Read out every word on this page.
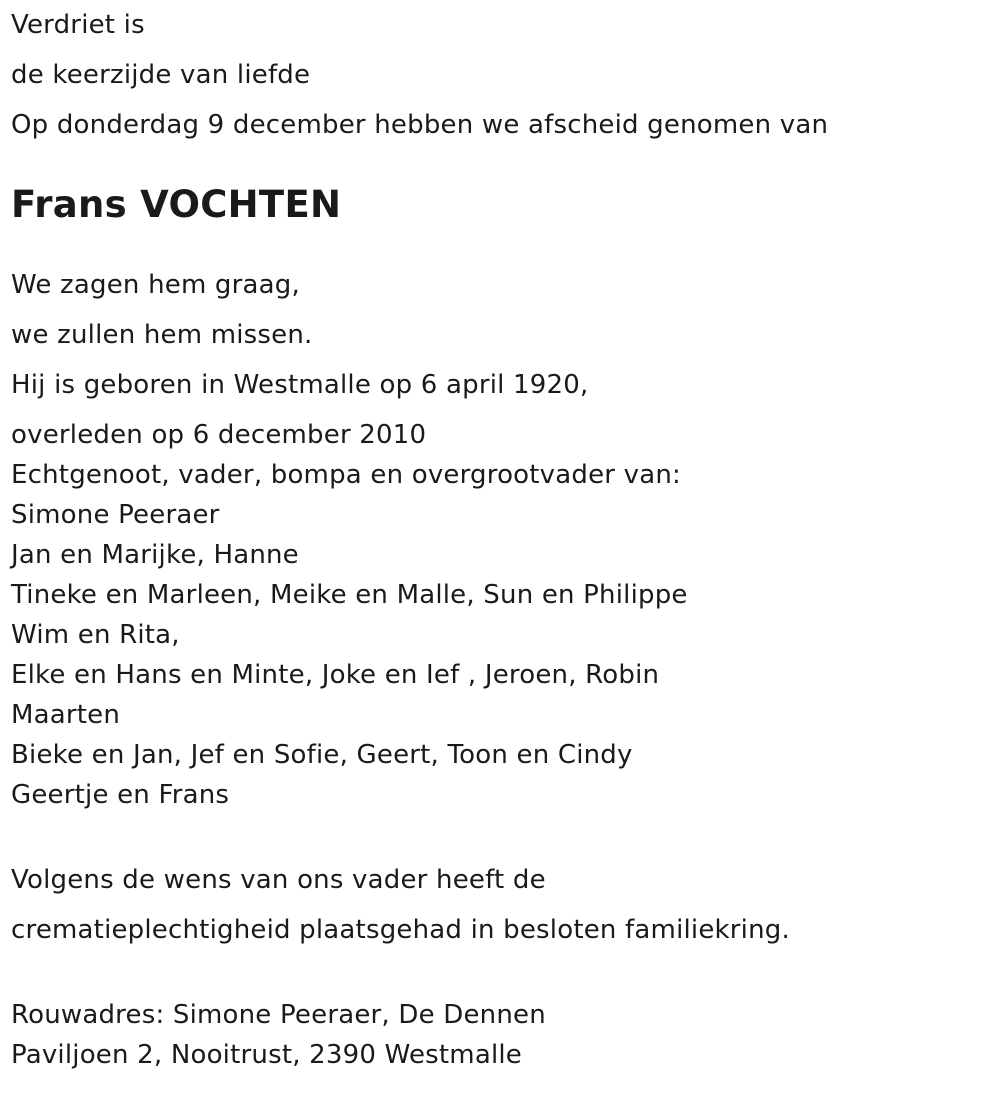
Verdriet is
de keerzijde van liefde
Op donderdag 9 december hebben we afscheid genomen van
Frans VOCHTEN
We zagen hem graag,
we zullen hem missen.
Hij is geboren in Westmalle op 6 april 1920,
overleden op 6 december 2010
Echtgenoot, vader, bompa en overgrootvader van:
Simone Peeraer
Jan en Marijke, Hanne
Tineke en Marleen, Meike en Malle, Sun en Philippe
Wim en Rita,
Elke en Hans en Minte, Joke en Ief , Jeroen, Robin
Maarten
Bieke en Jan, Jef en Sofie, Geert, Toon en Cindy
Geertje en Frans
Volgens de wens van ons vader heeft de
crematieplechtigheid plaatsgehad in besloten familiekring.
Rouwadres: Simone Peeraer, De Dennen
Paviljoen 2, Nooitrust, 2390 Westmalle
